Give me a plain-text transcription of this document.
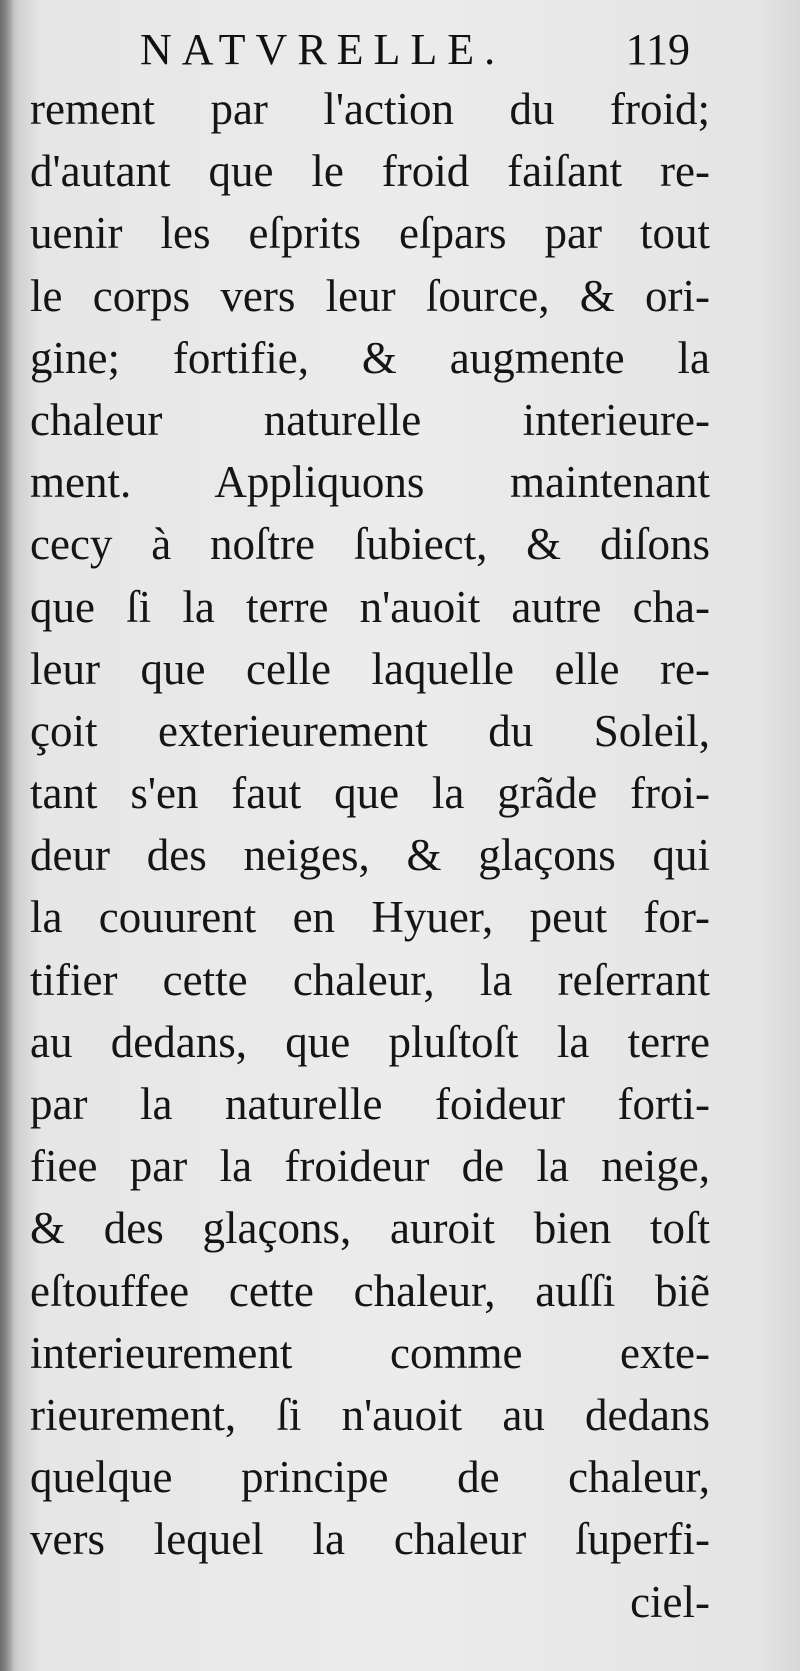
NATVRELLE.	119
rement par l'action du froid;
d'autant que le froid faiſant re-
uenir les eſprits eſpars par tout
le corps vers leur ſource, & ori-
gine; fortifie, & augmente la
chaleur naturelle interieure-
ment. Appliquons maintenant
cecy à noſtre ſubiect, & diſons
que ſi la terre n'auoit autre cha-
leur que celle laquelle elle re-
çoit exterieurement du Soleil,
tant s'en faut que la grãde froi-
deur des neiges, & glaçons qui
la couurent en Hyuer, peut for-
tifier cette chaleur, la reſerrant
au dedans, que pluſtoſt la terre
par la naturelle foideur forti-
fiee par la froideur de la neige,
& des glaçons, auroit bien toſt
eſtouffee cette chaleur, auſſi biẽ
interieurement comme exte-
rieurement, ſi n'auoit au dedans
quelque principe de chaleur,
vers lequel la chaleur ſuperfi-
ciel-
